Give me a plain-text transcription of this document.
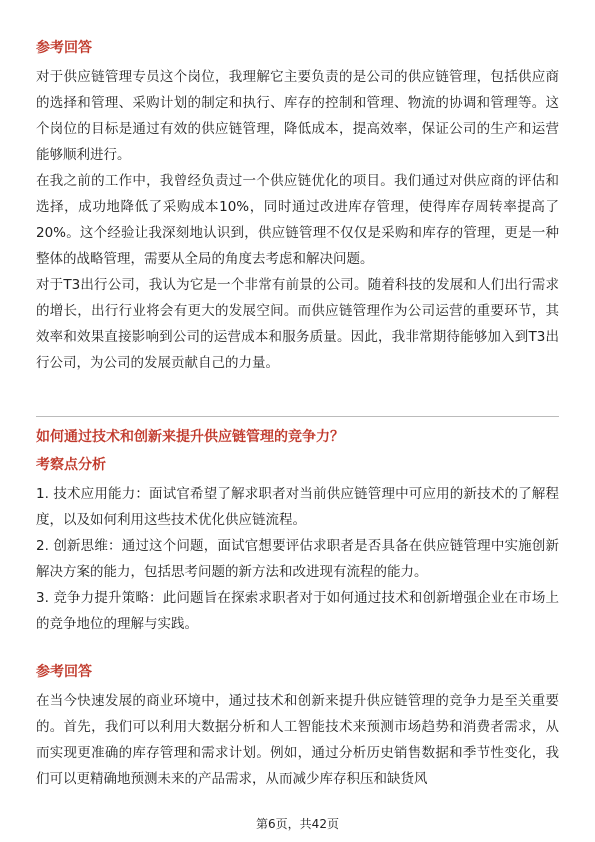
参考回答

对于供应链管理专员这个岗位，我理解它主要负责的是公司的供应链管理，包括供应商的选择和管理、采购计划的制定和执行、库存的控制和管理、物流的协调和管理等。这个岗位的目标是通过有效的供应链管理，降低成本，提高效率，保证公司的生产和运营能够顺利进行。

在我之前的工作中，我曾经负责过一个供应链优化的项目。我们通过对供应商的评估和选择，成功地降低了采购成本10%，同时通过改进库存管理，使得库存周转率提高了20%。这个经验让我深刻地认识到，供应链管理不仅仅是采购和库存的管理，更是一种整体的战略管理，需要从全局的角度去考虑和解决问题。

对于T3出行公司，我认为它是一个非常有前景的公司。随着科技的发展和人们出行需求的增长，出行行业将会有更大的发展空间。而供应链管理作为公司运营的重要环节，其效率和效果直接影响到公司的运营成本和服务质量。因此，我非常期待能够加入到T3出行公司，为公司的发展贡献自己的力量。

如何通过技术和创新来提升供应链管理的竞争力？
考察点分析

1. 技术应用能力：面试官希望了解求职者对当前供应链管理中可应用的新技术的了解程度，以及如何利用这些技术优化供应链流程。

2. 创新思维：通过这个问题，面试官想要评估求职者是否具备在供应链管理中实施创新解决方案的能力，包括思考问题的新方法和改进现有流程的能力。

3. 竞争力提升策略：此问题旨在探索求职者对于如何通过技术和创新增强企业在市场上的竞争地位的理解与实践。

参考回答

在当今快速发展的商业环境中，通过技术和创新来提升供应链管理的竞争力是至关重要的。首先，我们可以利用大数据分析和人工智能技术来预测市场趋势和消费者需求，从而实现更准确的库存管理和需求计划。例如，通过分析历史销售数据和季节性变化，我们可以更精确地预测未来的产品需求，从而减少库存积压和缺货风

第6页，共42页
